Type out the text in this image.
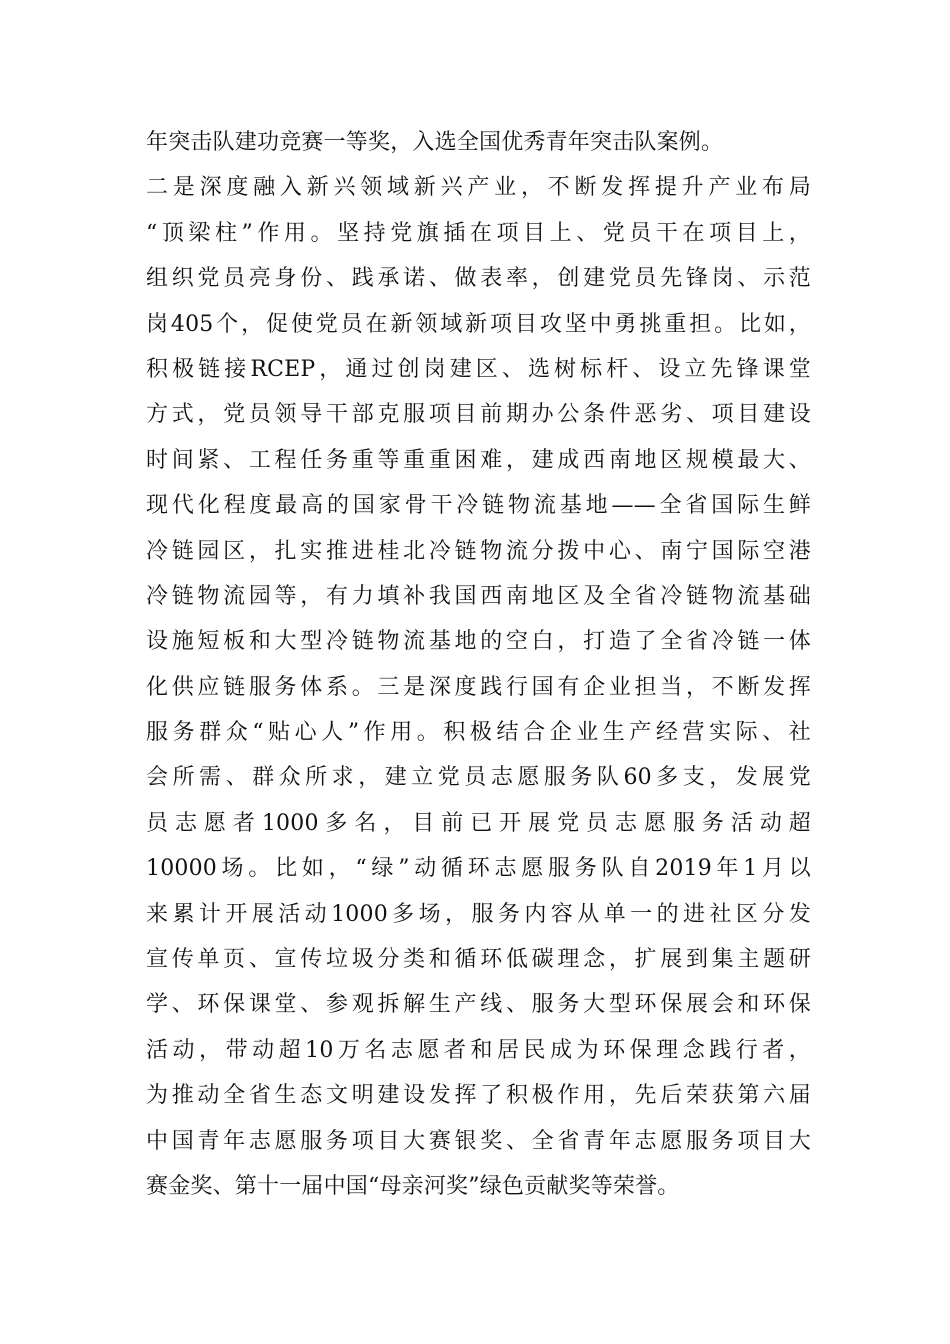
年突击队建功竞赛一等奖，入选全国优秀青年突击队案例。
二是深度融入新兴领域新兴产业，不断发挥提升产业布局
“顶梁柱”作用。坚持党旗插在项目上、党员干在项目上，
组织党员亮身份、践承诺、做表率，创建党员先锋岗、示范
岗405个，促使党员在新领域新项目攻坚中勇挑重担。比如，
积极链接RCEP，通过创岗建区、选树标杆、设立先锋课堂
方式，党员领导干部克服项目前期办公条件恶劣、项目建设
时间紧、工程任务重等重重困难，建成西南地区规模最大、
现代化程度最高的国家骨干冷链物流基地——全省国际生鲜
冷链园区，扎实推进桂北冷链物流分拨中心、南宁国际空港
冷链物流园等，有力填补我国西南地区及全省冷链物流基础
设施短板和大型冷链物流基地的空白，打造了全省冷链一体
化供应链服务体系。三是深度践行国有企业担当，不断发挥
服务群众“贴心人”作用。积极结合企业生产经营实际、社
会所需、群众所求，建立党员志愿服务队60多支，发展党
员志愿者1000多名，目前已开展党员志愿服务活动超
10000场。比如，“绿”动循环志愿服务队自2019年1月以
来累计开展活动1000多场，服务内容从单一的进社区分发
宣传单页、宣传垃圾分类和循环低碳理念，扩展到集主题研
学、环保课堂、参观拆解生产线、服务大型环保展会和环保
活动，带动超10万名志愿者和居民成为环保理念践行者，
为推动全省生态文明建设发挥了积极作用，先后荣获第六届
中国青年志愿服务项目大赛银奖、全省青年志愿服务项目大
赛金奖、第十一届中国“母亲河奖”绿色贡献奖等荣誉。
